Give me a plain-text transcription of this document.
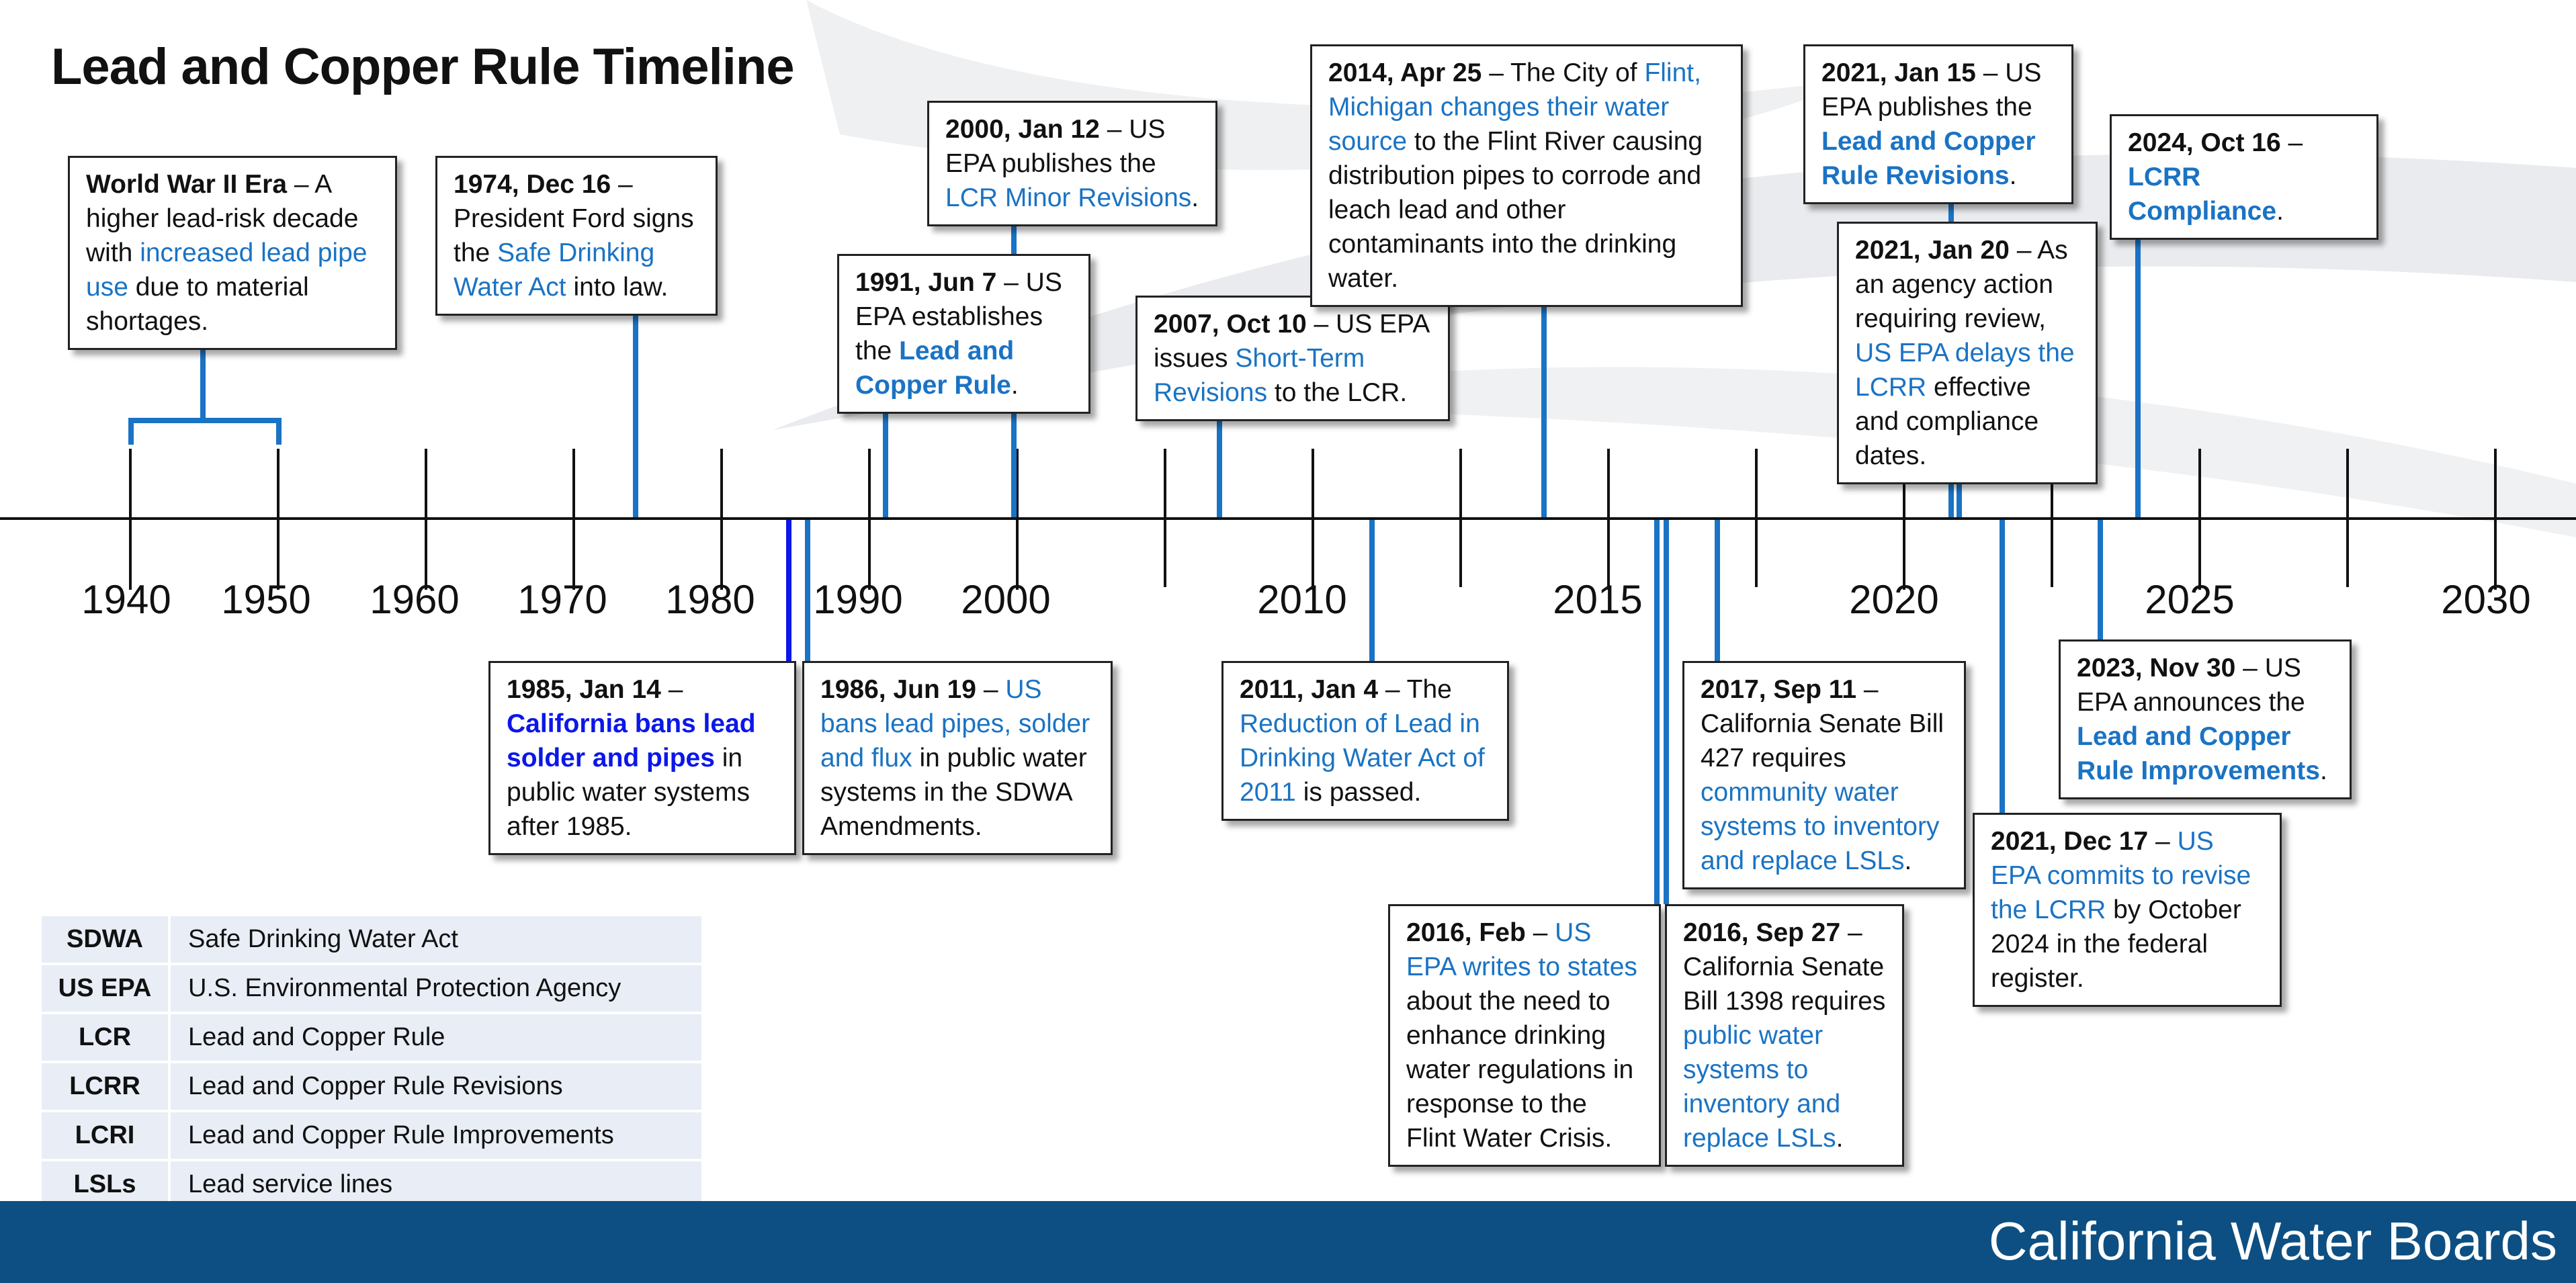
Lead and Copper Rule Timeline
1940	1950	1960	1970	1980	1990	2000	2010	2015	2020	2025	2030
World War II Era – A higher lead-risk decade with increased lead pipe use due to material shortages.
1974, Dec 16 – President Ford signs the Safe Drinking Water Act into law.
2000, Jan 12 – US EPA publishes the LCR Minor Revisions.
1991, Jun 7 – US EPA establishes the Lead and Copper Rule.
2007, Oct 10 – US EPA issues Short-Term Revisions to the LCR.
2014, Apr 25 – The City of Flint, Michigan changes their water source to the Flint River causing distribution pipes to corrode and leach lead and other contaminants into the drinking water.
2021, Jan 15 – US EPA publishes the Lead and Copper Rule Revisions.
2024, Oct 16 – LCRR Compliance.
2021, Jan 20 – As an agency action requiring review, US EPA delays the LCRR effective and compliance dates.
1985, Jan 14 – California bans lead solder and pipes in public water systems after 1985.
1986, Jun 19 – US bans lead pipes, solder and flux in public water systems in the SDWA Amendments.
2011, Jan 4 – The Reduction of Lead in Drinking Water Act of 2011 is passed.
2017, Sep 11 – California Senate Bill 427 requires community water systems to inventory and replace LSLs.
2023, Nov 30 – US EPA announces the Lead and Copper Rule Improvements.
2021, Dec 17 – US EPA commits to revise the LCRR by October 2024 in the federal register.
2016, Feb – US EPA writes to states about the need to enhance drinking water regulations in response to the Flint Water Crisis.
2016, Sep 27 – California Senate Bill 1398 requires public water systems to inventory and replace LSLs.
SDWA	Safe Drinking Water Act
US EPA	U.S. Environmental Protection Agency
LCR	Lead and Copper Rule
LCRR	Lead and Copper Rule Revisions
LCRI	Lead and Copper Rule Improvements
LSLs	Lead service lines
California Water Boards
